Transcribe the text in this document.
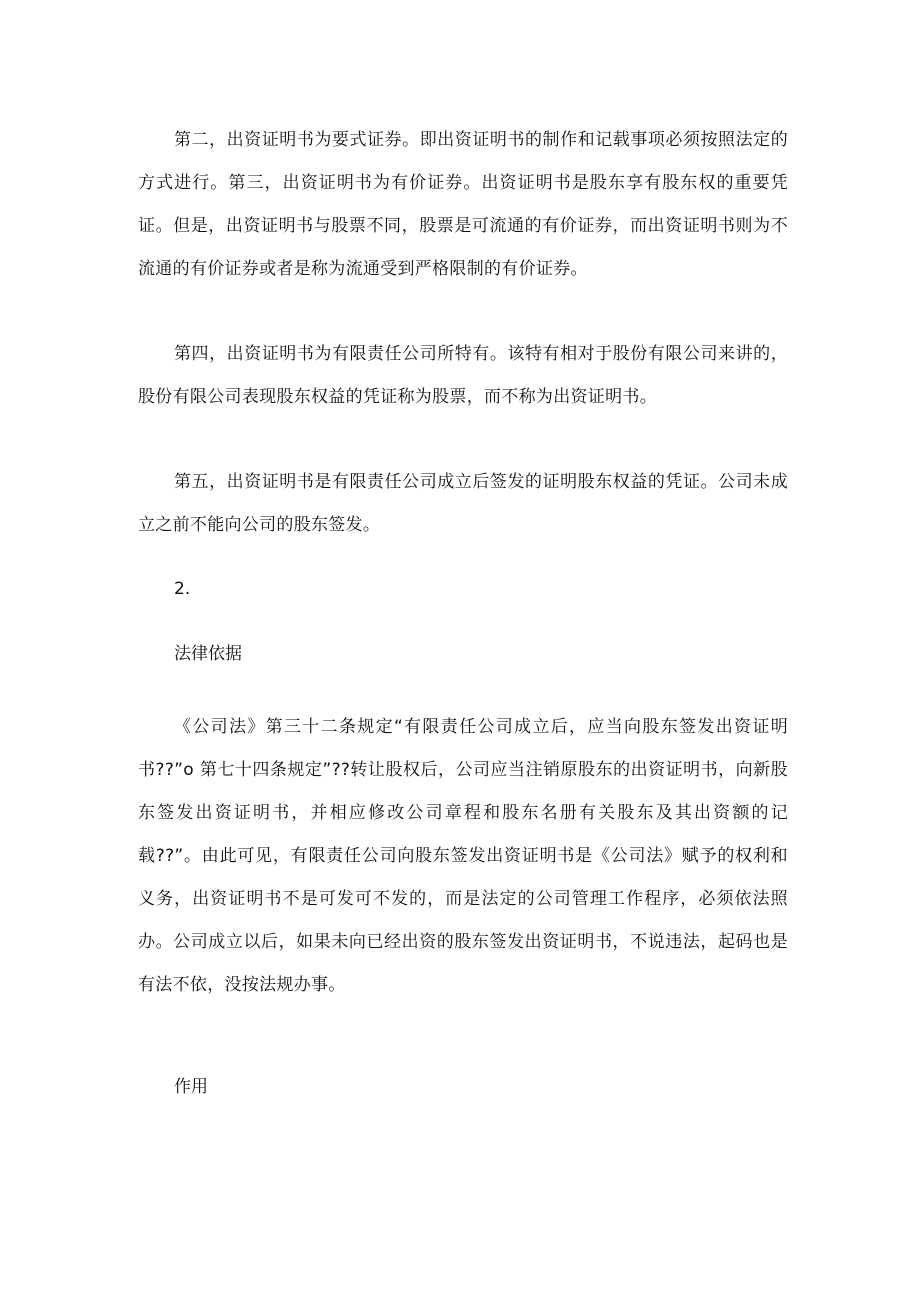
第二，出资证明书为要式证券。即出资证明书的制作和记载事项必须按照法定的方式进行。第三，出资证明书为有价证券。出资证明书是股东享有股东权的重要凭证。但是，出资证明书与股票不同，股票是可流通的有价证券，而出资证明书则为不流通的有价证券或者是称为流通受到严格限制的有价证券。

第四，出资证明书为有限责任公司所特有。该特有相对于股份有限公司来讲的，股份有限公司表现股东权益的凭证称为股票，而不称为出资证明书。

第五，出资证明书是有限责任公司成立后签发的证明股东权益的凭证。公司未成立之前不能向公司的股东签发。

2.

法律依据

《公司法》第三十二条规定“有限责任公司成立后，应当向股东签发出资证明书??”o 第七十四条规定”??转让股权后，公司应当注销原股东的出资证明书，向新股东签发出资证明书，并相应修改公司章程和股东名册有关股东及其出资额的记载??”。由此可见，有限责任公司向股东签发出资证明书是《公司法》赋予的权利和义务，出资证明书不是可发可不发的，而是法定的公司管理工作程序，必须依法照办。公司成立以后，如果未向已经出资的股东签发出资证明书，不说违法，起码也是有法不依，没按法规办事。

作用
